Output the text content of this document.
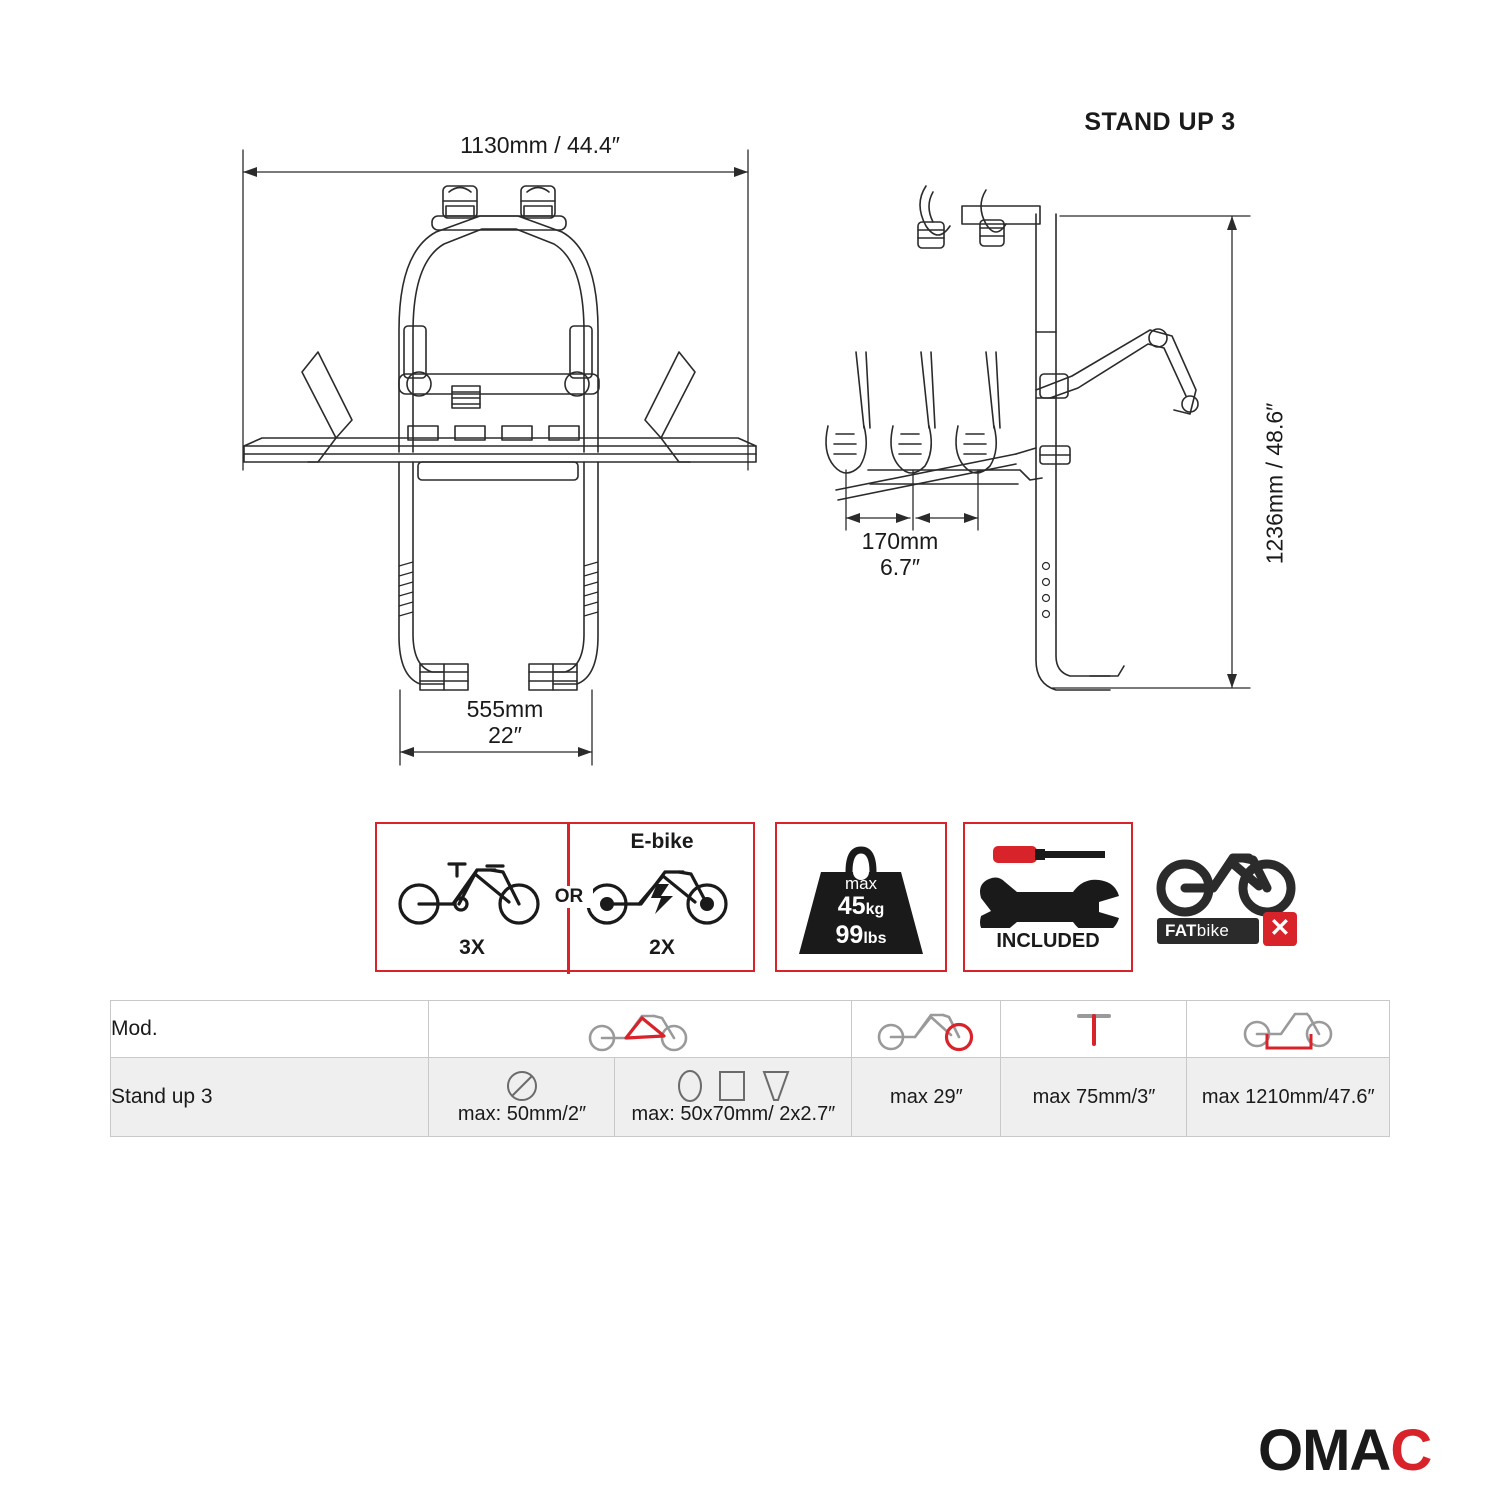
1130mm / 44.4″
555mm
22″
170mm
6.7″
1236mm / 48.6″
STAND UP 3
3X
OR
E-bike
2X
max
45kg
99lbs	INCLUDED	FATbike	✕
Mod.	

Stand up 3	max: 50mm/2″	max: 50x70mm/ 2x2.7″	max 29″	max 75mm/3″	max 1210mm/47.6″
OMAC
